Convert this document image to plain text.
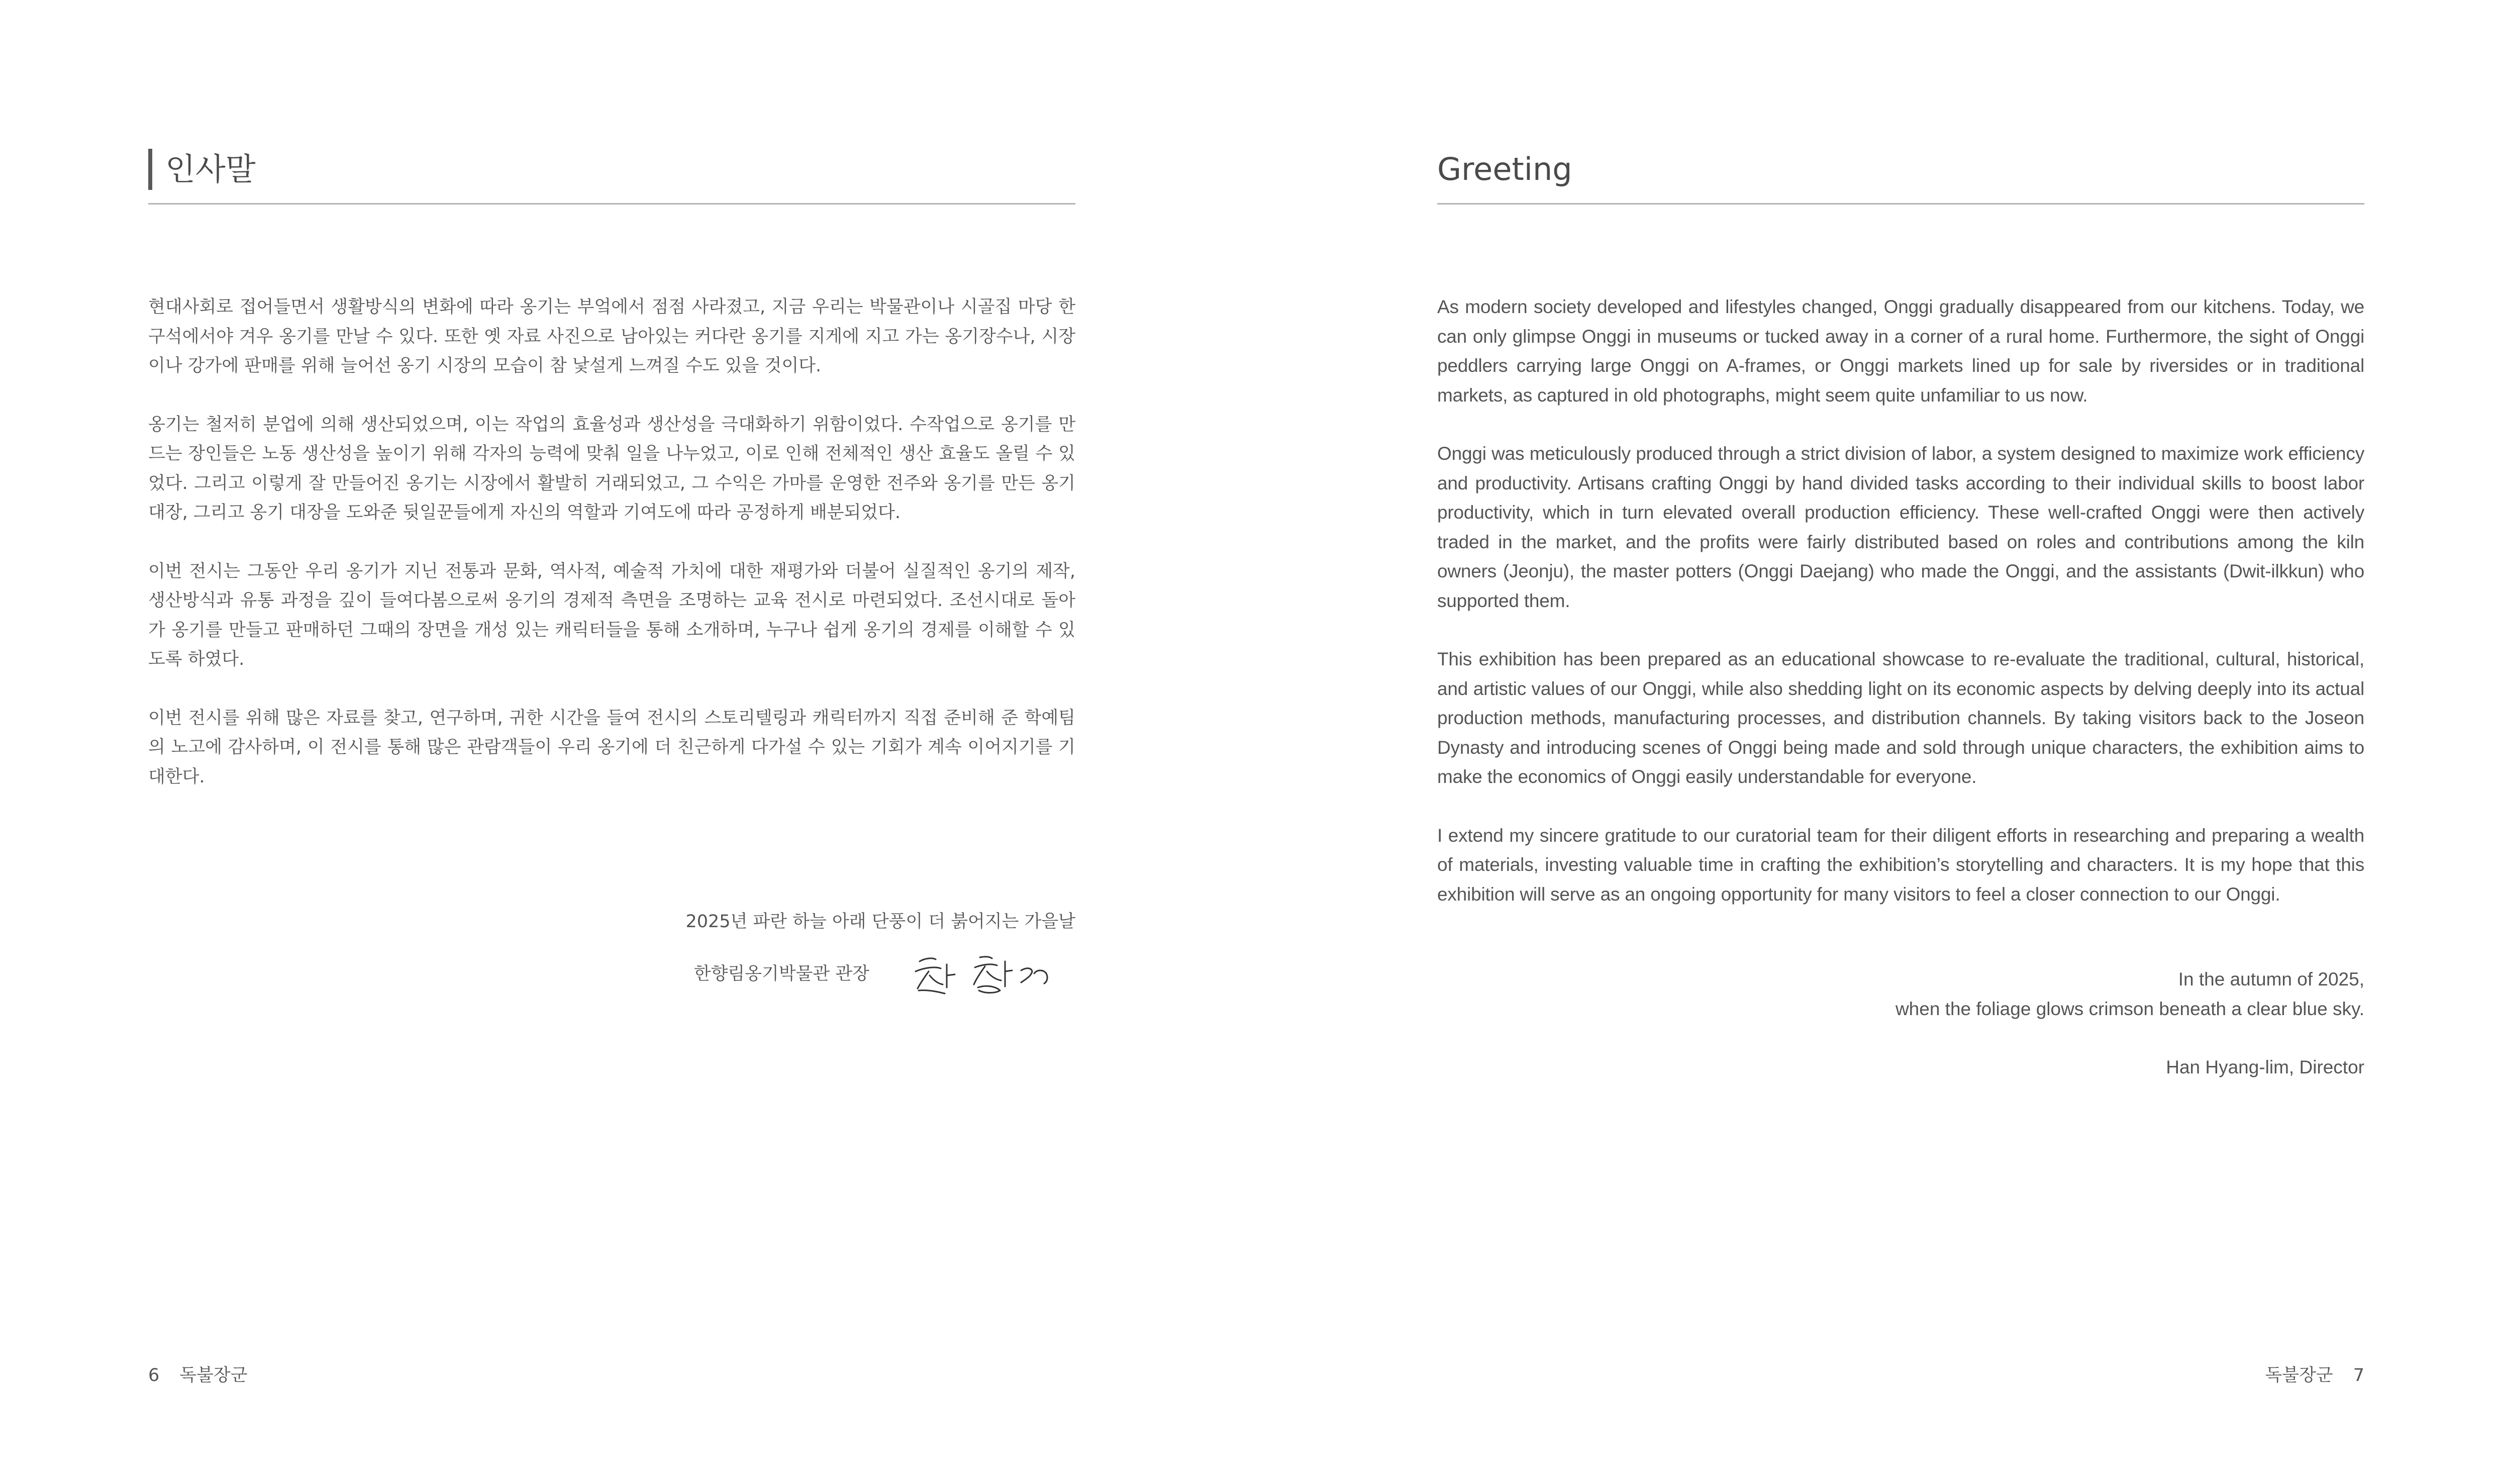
인사말

현대사회로 접어들면서 생활방식의 변화에 따라 옹기는 부엌에서 점점 사라졌고, 지금 우리는 박물관이나 시골집 마당 한구석에서야 겨우 옹기를 만날 수 있다. 또한 옛 자료 사진으로 남아있는 커다란 옹기를 지게에 지고 가는 옹기장수나, 시장이나 강가에 판매를 위해 늘어선 옹기 시장의 모습이 참 낯설게 느껴질 수도 있을 것이다.

옹기는 철저히 분업에 의해 생산되었으며, 이는 작업의 효율성과 생산성을 극대화하기 위함이었다. 수작업으로 옹기를 만드는 장인들은 노동 생산성을 높이기 위해 각자의 능력에 맞춰 일을 나누었고, 이로 인해 전체적인 생산 효율도 올릴 수 있었다. 그리고 이렇게 잘 만들어진 옹기는 시장에서 활발히 거래되었고, 그 수익은 가마를 운영한 전주와 옹기를 만든 옹기 대장, 그리고 옹기 대장을 도와준 뒷일꾼들에게 자신의 역할과 기여도에 따라 공정하게 배분되었다.

이번 전시는 그동안 우리 옹기가 지닌 전통과 문화, 역사적, 예술적 가치에 대한 재평가와 더불어 실질적인 옹기의 제작, 생산방식과 유통 과정을 깊이 들여다봄으로써 옹기의 경제적 측면을 조명하는 교육 전시로 마련되었다. 조선시대로 돌아가 옹기를 만들고 판매하던 그때의 장면을 개성 있는 캐릭터들을 통해 소개하며, 누구나 쉽게 옹기의 경제를 이해할 수 있도록 하였다.

이번 전시를 위해 많은 자료를 찾고, 연구하며, 귀한 시간을 들여 전시의 스토리텔링과 캐릭터까지 직접 준비해 준 학예팀의 노고에 감사하며, 이 전시를 통해 많은 관람객들이 우리 옹기에 더 친근하게 다가설 수 있는 기회가 계속 이어지기를 기대한다.

2025년 파란 하늘 아래 단풍이 더 붉어지는 가을날
한향림옹기박물관 관장
6 독불장군
Greeting

As modern society developed and lifestyles changed, Onggi gradually disappeared from our kitchens. Today, we can only glimpse Onggi in museums or tucked away in a corner of a rural home. Furthermore, the sight of Onggi peddlers carrying large Onggi on A-frames, or Onggi markets lined up for sale by riversides or in traditional markets, as captured in old photographs, might seem quite unfamiliar to us now.

Onggi was meticulously produced through a strict division of labor, a system designed to maximize work efficiency and productivity. Artisans crafting Onggi by hand divided tasks according to their individual skills to boost labor productivity, which in turn elevated overall production efficiency. These well-crafted Onggi were then actively traded in the market, and the profits were fairly distributed based on roles and contributions among the kiln owners (Jeonju), the master potters (Onggi Daejang) who made the Onggi, and the assistants (Dwit-ilkkun) who supported them.

This exhibition has been prepared as an educational showcase to re-evaluate the traditional, cultural, historical, and artistic values of our Onggi, while also shedding light on its economic aspects by delving deeply into its actual production methods, manufacturing processes, and distribution channels. By taking visitors back to the Joseon Dynasty and introducing scenes of Onggi being made and sold through unique characters, the exhibition aims to make the economics of Onggi easily understandable for everyone.

I extend my sincere gratitude to our curatorial team for their diligent efforts in researching and preparing a wealth of materials, investing valuable time in crafting the exhibition’s storytelling and characters. It is my hope that this exhibition will serve as an ongoing opportunity for many visitors to feel a closer connection to our Onggi.

In the autumn of 2025,
when the foliage glows crimson beneath a clear blue sky.
Han Hyang-lim, Director
독불장군 7
